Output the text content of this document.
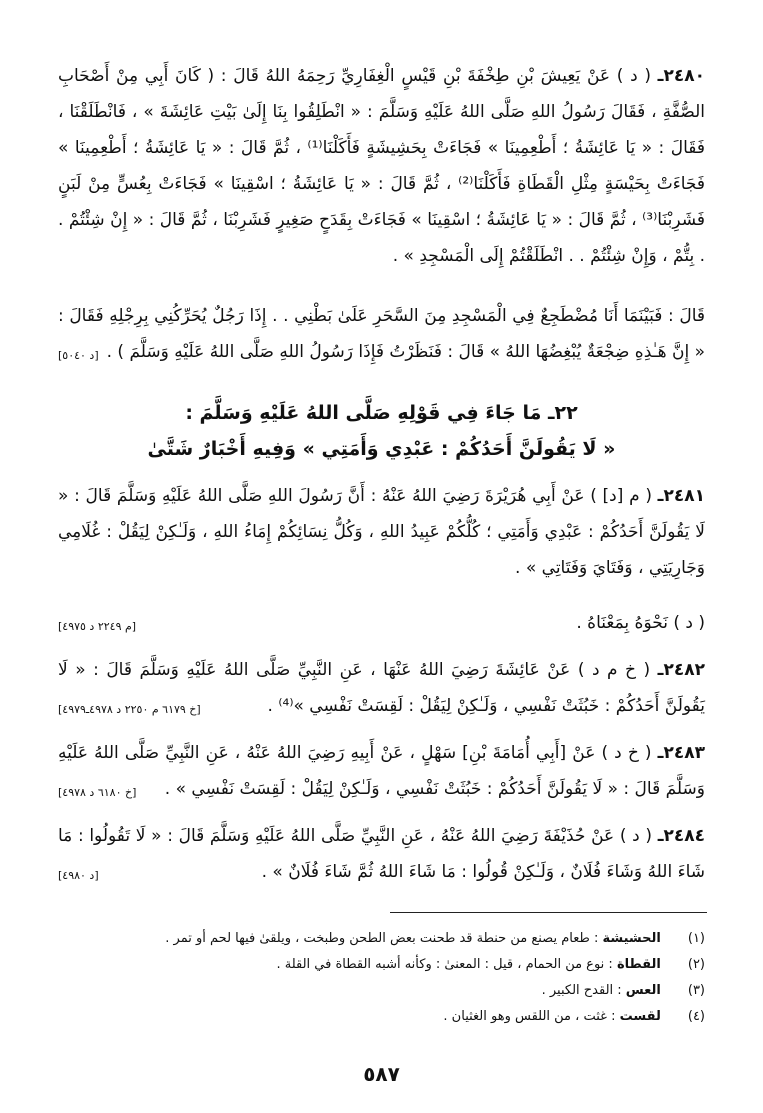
٢٤٨٠ـ ( د ) عَنْ يَعِيشَ بْنِ طِخْفَةَ بْنِ قَيْسٍ الْغِفَارِيِّ رَحِمَهُ اللهُ قَالَ : ( كَانَ أَبِي مِنْ أَصْحَابِ الصُّفَّةِ ، فَقَالَ رَسُولُ اللهِ صَلَّى اللهُ عَلَيْهِ وَسَلَّمَ : « انْطَلِقُوا بِنَا إِلَىٰ بَيْتِ عَائِشَةَ » ، فَانْطَلَقْنَا ، فَقَالَ : « يَا عَائِشَةُ ؛ أَطْعِمِينَا » فَجَاءَتْ بِحَشِيشَةٍ فَأَكَلْنَا⁽¹⁾ ، ثُمَّ قَالَ : « يَا عَائِشَةُ ؛ أَطْعِمِينَا » فَجَاءَتْ بِحَيْسَةٍ مِثْلِ الْقَطَاةِ فَأَكَلْنَا⁽²⁾ ، ثُمَّ قَالَ : « يَا عَائِشَةُ ؛ اسْقِينَا » فَجَاءَتْ بِعُسٍّ مِنْ لَبَنٍ فَشَرِبْنَا⁽³⁾ ، ثُمَّ قَالَ : « يَا عَائِشَةُ ؛ اسْقِينَا » فَجَاءَتْ بِقَدَحٍ صَغِيرٍ فَشَرِبْنَا ، ثُمَّ قَالَ : « إِنْ شِئْتُمْ . . بِتُّمْ ، وَإِنْ شِئْتُمْ . . انْطَلَقْتُمْ إِلَى الْمَسْجِدِ » .

قَالَ : فَبَيْنَمَا أَنَا مُضْطَجِعٌ فِي الْمَسْجِدِ مِنَ السَّحَرِ عَلَىٰ بَطْنِي . . إِذَا رَجُلٌ يُحَرِّكُنِي بِرِجْلِهِ فَقَالَ : « إِنَّ هَـٰذِهِ ضِجْعَةٌ يُبْغِضُهَا اللهُ » قَالَ : فَنَظَرْتُ فَإِذَا رَسُولُ اللهِ صَلَّى اللهُ عَلَيْهِ وَسَلَّمَ ) .
[د ٥٠٤٠]

٢٢ـ مَا جَاءَ فِي قَوْلِهِ صَلَّى اللهُ عَلَيْهِ وَسَلَّمَ :
« لَا يَقُولَنَّ أَحَدُكُمْ : عَبْدِي وَأَمَتِي » وَفِيهِ أَخْبَارٌ شَتَّىٰ

٢٤٨١ـ ( م [د] ) عَنْ أَبِي هُرَيْرَةَ رَضِيَ اللهُ عَنْهُ : أَنَّ رَسُولَ اللهِ صَلَّى اللهُ عَلَيْهِ وَسَلَّمَ قَالَ : « لَا يَقُولَنَّ أَحَدُكُمْ : عَبْدِي وَأَمَتِي ؛ كُلُّكُمْ عَبِيدُ اللهِ ، وَكُلُّ نِسَائِكُمْ إِمَاءُ اللهِ ، وَلَـٰكِنْ لِيَقُلْ : غُلَامِي وَجَارِيَتِي ، وَفَتَايَ وَفَتَاتِي » .

( د ) نَحْوَهُ بِمَعْنَاهُ .
[م ٢٢٤٩ د ٤٩٧٥]

٢٤٨٢ـ ( خ م د ) عَنْ عَائِشَةَ رَضِيَ اللهُ عَنْهَا ، عَنِ النَّبِيِّ صَلَّى اللهُ عَلَيْهِ وَسَلَّمَ قَالَ : « لَا يَقُولَنَّ أَحَدُكُمْ : خَبُثَتْ نَفْسِي ، وَلَـٰكِنْ لِيَقُلْ : لَقِسَتْ نَفْسِي »⁽⁴⁾ .
[خ ٦١٧٩ م ٢٢٥٠ د ٤٩٧٨ـ٤٩٧٩]

٢٤٨٣ـ ( خ د ) عَنْ [أَبِي أُمَامَةَ بْنِ] سَهْلٍ ، عَنْ أَبِيهِ رَضِيَ اللهُ عَنْهُ ، عَنِ النَّبِيِّ صَلَّى اللهُ عَلَيْهِ وَسَلَّمَ قَالَ : « لَا يَقُولَنَّ أَحَدُكُمْ : خَبُثَتْ نَفْسِي ، وَلَـٰكِنْ لِيَقُلْ : لَقِسَتْ نَفْسِي » .
[خ ٦١٨٠ د ٤٩٧٨]

٢٤٨٤ـ ( د ) عَنْ حُذَيْفَةَ رَضِيَ اللهُ عَنْهُ ، عَنِ النَّبِيِّ صَلَّى اللهُ عَلَيْهِ وَسَلَّمَ قَالَ : « لَا تَقُولُوا : مَا شَاءَ اللهُ وَشَاءَ فُلَانٌ ، وَلَـٰكِنْ قُولُوا : مَا شَاءَ اللهُ ثُمَّ شَاءَ فُلَانٌ » .
[د ٤٩٨٠]

(١) الحشيشة : طعام يصنع من حنطة قد طحنت بعض الطحن وطبخت ، ويلقىٰ فيها لحم أو تمر .

(٢) القطاة : نوع من الحمام ، قيل : المعنىٰ : وكأنه أشبه القطاة في القلة .

(٣) العس : القدح الكبير .

(٤) لقست : غثت ، من اللقس وهو الغثيان .

٥٨٧
